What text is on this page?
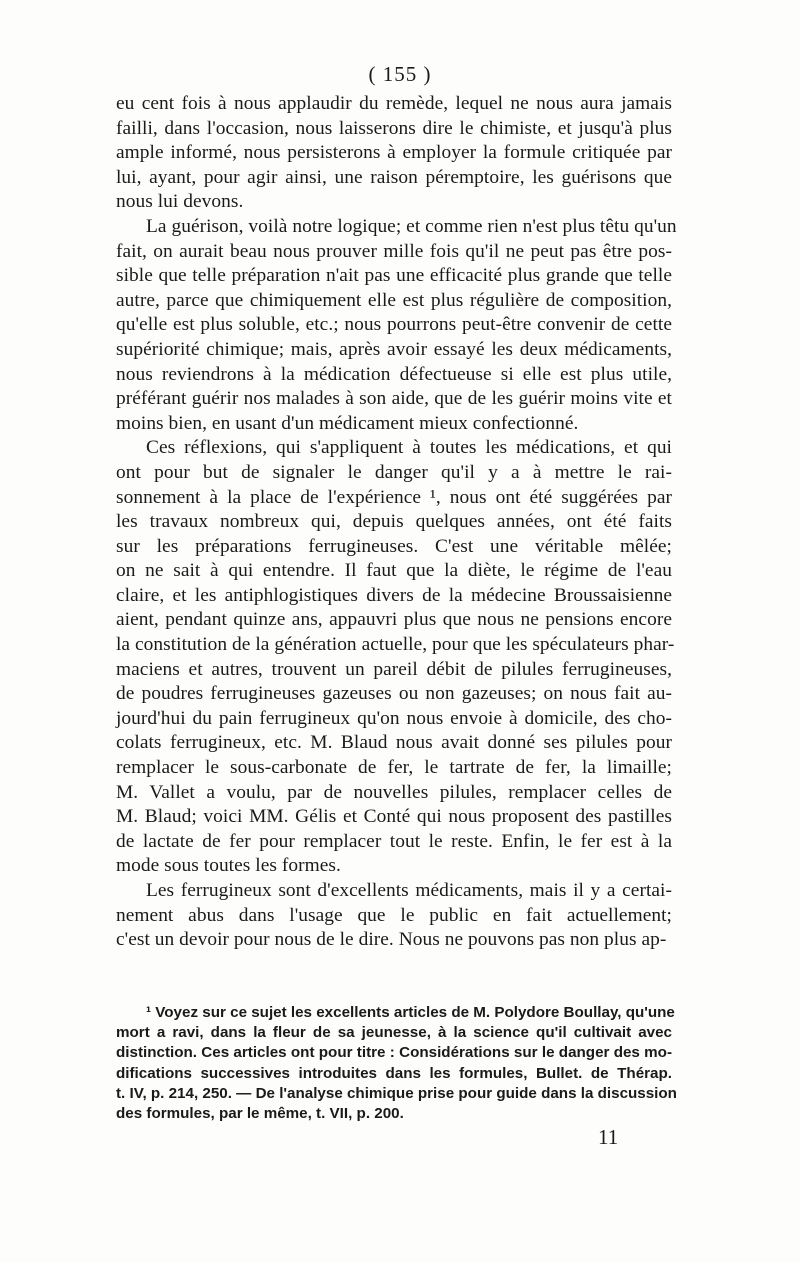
( 155 )
eu cent fois à nous applaudir du remède, lequel ne nous aura jamais
failli, dans l'occasion, nous laisserons dire le chimiste, et jusqu'à plus
ample informé, nous persisterons à employer la formule critiquée par
lui, ayant, pour agir ainsi, une raison péremptoire, les guérisons que
nous lui devons.
La guérison, voilà notre logique; et comme rien n'est plus têtu qu'un
fait, on aurait beau nous prouver mille fois qu'il ne peut pas être pos-
sible que telle préparation n'ait pas une efficacité plus grande que telle
autre, parce que chimiquement elle est plus régulière de composition,
qu'elle est plus soluble, etc.; nous pourrons peut-être convenir de cette
supériorité chimique; mais, après avoir essayé les deux médicaments,
nous reviendrons à la médication défectueuse si elle est plus utile,
préférant guérir nos malades à son aide, que de les guérir moins vite et
moins bien, en usant d'un médicament mieux confectionné.
Ces réflexions, qui s'appliquent à toutes les médications, et qui
ont pour but de signaler le danger qu'il y a à mettre le rai-
sonnement à la place de l'expérience ¹, nous ont été suggérées par
les travaux nombreux qui, depuis quelques années, ont été faits
sur les préparations ferrugineuses. C'est une véritable mêlée;
on ne sait à qui entendre. Il faut que la diète, le régime de l'eau
claire, et les antiphlogistiques divers de la médecine Broussaisienne
aient, pendant quinze ans, appauvri plus que nous ne pensions encore
la constitution de la génération actuelle, pour que les spéculateurs phar-
maciens et autres, trouvent un pareil débit de pilules ferrugineuses,
de poudres ferrugineuses gazeuses ou non gazeuses; on nous fait au-
jourd'hui du pain ferrugineux qu'on nous envoie à domicile, des cho-
colats ferrugineux, etc. M. Blaud nous avait donné ses pilules pour
remplacer le sous-carbonate de fer, le tartrate de fer, la limaille;
M. Vallet a voulu, par de nouvelles pilules, remplacer celles de
M. Blaud; voici MM. Gélis et Conté qui nous proposent des pastilles
de lactate de fer pour remplacer tout le reste. Enfin, le fer est à la
mode sous toutes les formes.
Les ferrugineux sont d'excellents médicaments, mais il y a certai-
nement abus dans l'usage que le public en fait actuellement;
c'est un devoir pour nous de le dire. Nous ne pouvons pas non plus ap-
¹ Voyez sur ce sujet les excellents articles de M. Polydore Boullay, qu'une
mort a ravi, dans la fleur de sa jeunesse, à la science qu'il cultivait avec
distinction. Ces articles ont pour titre : Considérations sur le danger des mo-
difications successives introduites dans les formules, Bullet. de Thérap.
t. IV, p. 214, 250. — De l'analyse chimique prise pour guide dans la discussion
des formules, par le même, t. VII, p. 200.
11
